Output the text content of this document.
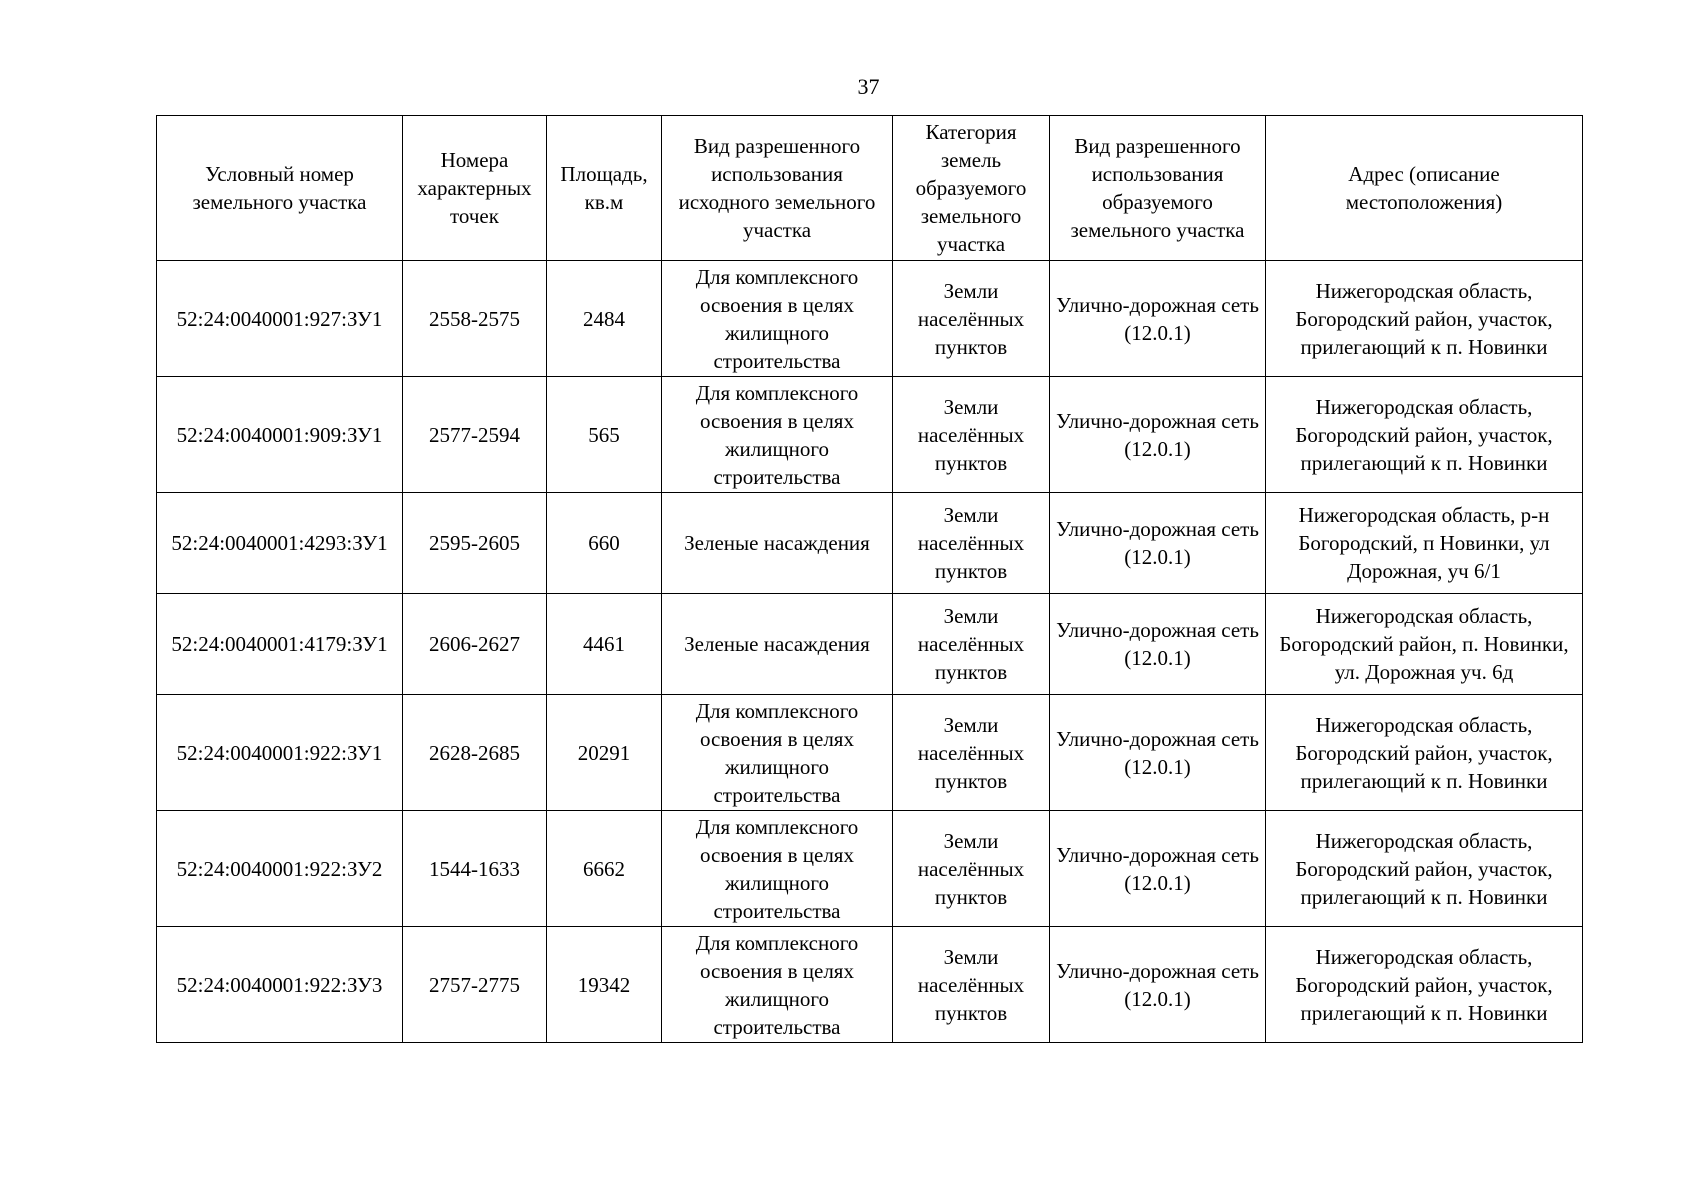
37
Условный номер земельного участка	Номера характерных точек	Площадь, кв.м	Вид разрешенного использования исходного земельного участка	Категория земель образуемого земельного участка	Вид разрешенного использования образуемого земельного участка	Адрес (описание местоположения)
52:24:0040001:927:ЗУ1	2558-2575	2484	Для комплексного освоения в целях жилищного строительства	Земли населённых пунктов	Улично-дорожная сеть (12.0.1)	Нижегородская область, Богородский район, участок, прилегающий к п. Новинки
52:24:0040001:909:ЗУ1	2577-2594	565	Для комплексного освоения в целях жилищного строительства	Земли населённых пунктов	Улично-дорожная сеть (12.0.1)	Нижегородская область, Богородский район, участок, прилегающий к п. Новинки
52:24:0040001:4293:ЗУ1	2595-2605	660	Зеленые насаждения	Земли населённых пунктов	Улично-дорожная сеть (12.0.1)	Нижегородская область, р-н Богородский, п Новинки, ул Дорожная, уч 6/1
52:24:0040001:4179:ЗУ1	2606-2627	4461	Зеленые насаждения	Земли населённых пунктов	Улично-дорожная сеть (12.0.1)	Нижегородская область, Богородский район, п. Новинки, ул. Дорожная уч. 6д
52:24:0040001:922:ЗУ1	2628-2685	20291	Для комплексного освоения в целях жилищного строительства	Земли населённых пунктов	Улично-дорожная сеть (12.0.1)	Нижегородская область, Богородский район, участок, прилегающий к п. Новинки
52:24:0040001:922:ЗУ2	1544-1633	6662	Для комплексного освоения в целях жилищного строительства	Земли населённых пунктов	Улично-дорожная сеть (12.0.1)	Нижегородская область, Богородский район, участок, прилегающий к п. Новинки
52:24:0040001:922:ЗУ3	2757-2775	19342	Для комплексного освоения в целях жилищного строительства	Земли населённых пунктов	Улично-дорожная сеть (12.0.1)	Нижегородская область, Богородский район, участок, прилегающий к п. Новинки
